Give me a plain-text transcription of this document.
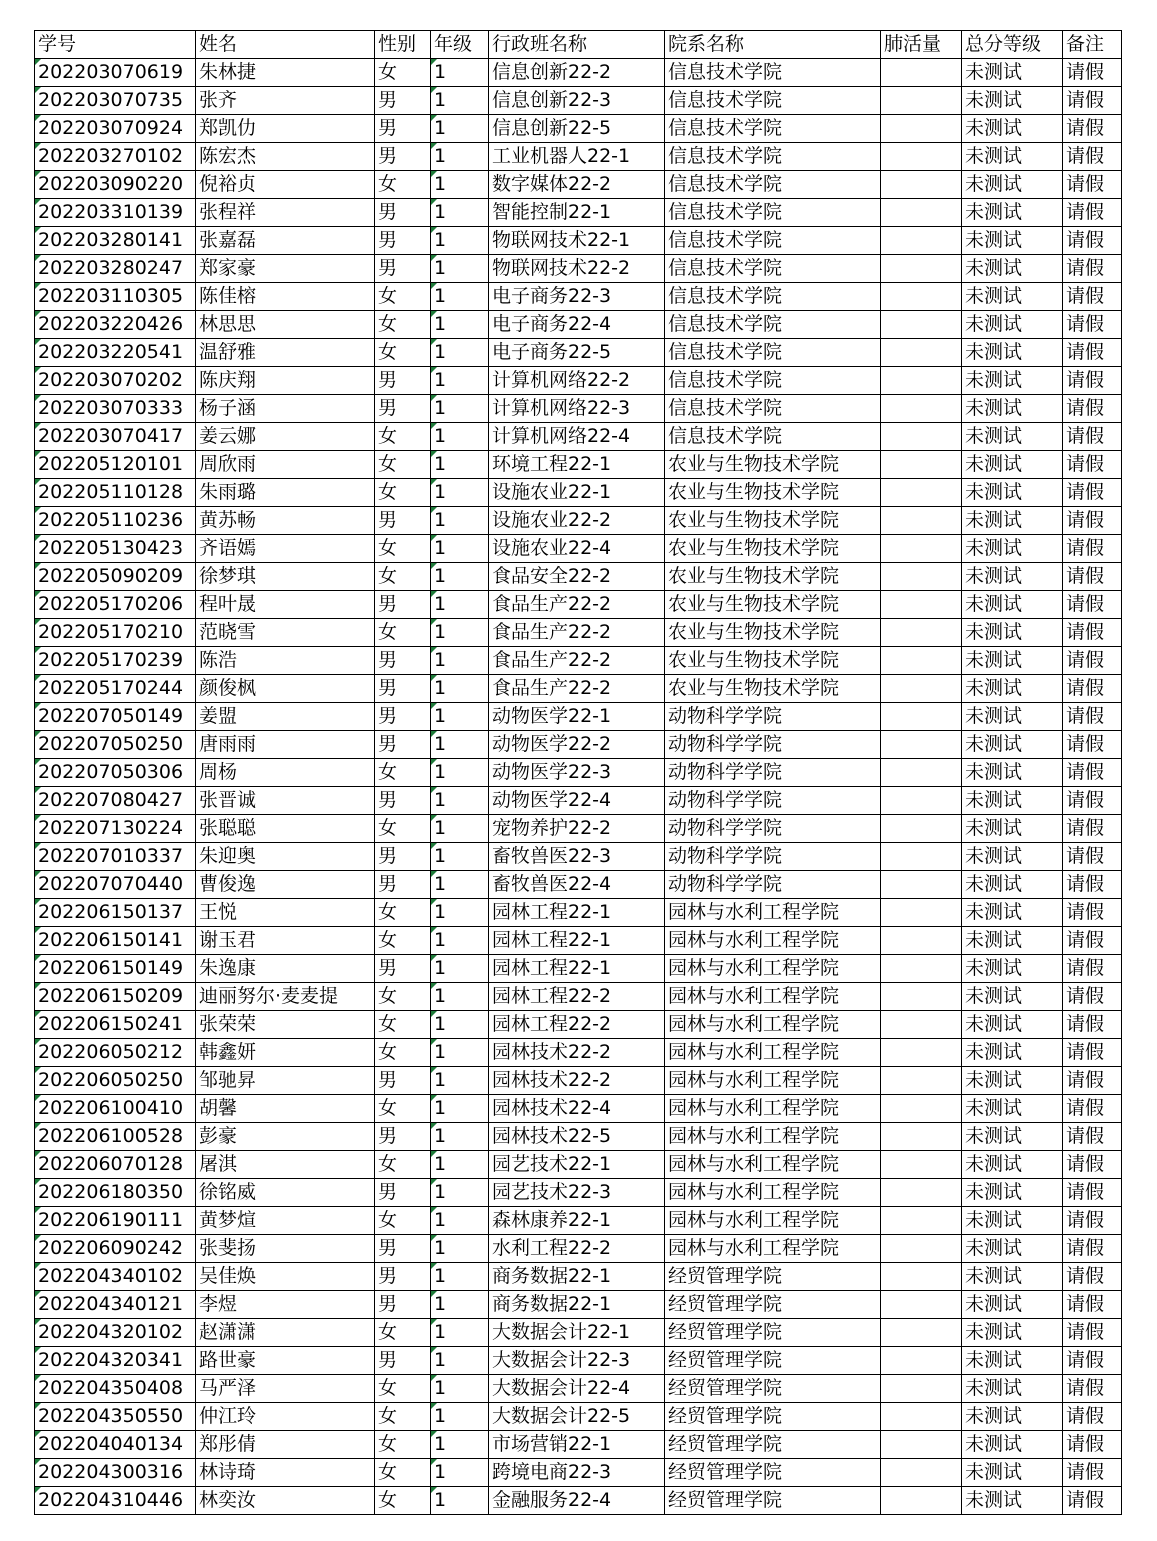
学号	姓名	性别	年级	行政班名称	院系名称	肺活量	总分等级	备注
202203070619	朱林捷	女	1	信息创新22-2	信息技术学院		未测试	请假
202203070735	张齐	男	1	信息创新22-3	信息技术学院		未测试	请假
202203070924	郑凯仂	男	1	信息创新22-5	信息技术学院		未测试	请假
202203270102	陈宏杰	男	1	工业机器人22-1	信息技术学院		未测试	请假
202203090220	倪裕贞	女	1	数字媒体22-2	信息技术学院		未测试	请假
202203310139	张程祥	男	1	智能控制22-1	信息技术学院		未测试	请假
202203280141	张嘉磊	男	1	物联网技术22-1	信息技术学院		未测试	请假
202203280247	郑家豪	男	1	物联网技术22-2	信息技术学院		未测试	请假
202203110305	陈佳榕	女	1	电子商务22-3	信息技术学院		未测试	请假
202203220426	林思思	女	1	电子商务22-4	信息技术学院		未测试	请假
202203220541	温舒雅	女	1	电子商务22-5	信息技术学院		未测试	请假
202203070202	陈庆翔	男	1	计算机网络22-2	信息技术学院		未测试	请假
202203070333	杨子涵	男	1	计算机网络22-3	信息技术学院		未测试	请假
202203070417	姜云娜	女	1	计算机网络22-4	信息技术学院		未测试	请假
202205120101	周欣雨	女	1	环境工程22-1	农业与生物技术学院		未测试	请假
202205110128	朱雨璐	女	1	设施农业22-1	农业与生物技术学院		未测试	请假
202205110236	黄苏畅	男	1	设施农业22-2	农业与生物技术学院		未测试	请假
202205130423	齐语嫣	女	1	设施农业22-4	农业与生物技术学院		未测试	请假
202205090209	徐梦琪	女	1	食品安全22-2	农业与生物技术学院		未测试	请假
202205170206	程叶晟	男	1	食品生产22-2	农业与生物技术学院		未测试	请假
202205170210	范晓雪	女	1	食品生产22-2	农业与生物技术学院		未测试	请假
202205170239	陈浩	男	1	食品生产22-2	农业与生物技术学院		未测试	请假
202205170244	颜俊枫	男	1	食品生产22-2	农业与生物技术学院		未测试	请假
202207050149	姜盟	男	1	动物医学22-1	动物科学学院		未测试	请假
202207050250	唐雨雨	男	1	动物医学22-2	动物科学学院		未测试	请假
202207050306	周杨	女	1	动物医学22-3	动物科学学院		未测试	请假
202207080427	张晋诚	男	1	动物医学22-4	动物科学学院		未测试	请假
202207130224	张聪聪	女	1	宠物养护22-2	动物科学学院		未测试	请假
202207010337	朱迎奥	男	1	畜牧兽医22-3	动物科学学院		未测试	请假
202207070440	曹俊逸	男	1	畜牧兽医22-4	动物科学学院		未测试	请假
202206150137	王悦	女	1	园林工程22-1	园林与水利工程学院		未测试	请假
202206150141	谢玉君	女	1	园林工程22-1	园林与水利工程学院		未测试	请假
202206150149	朱逸康	男	1	园林工程22-1	园林与水利工程学院		未测试	请假
202206150209	迪丽努尔·麦麦提	女	1	园林工程22-2	园林与水利工程学院		未测试	请假
202206150241	张荣荣	女	1	园林工程22-2	园林与水利工程学院		未测试	请假
202206050212	韩鑫妍	女	1	园林技术22-2	园林与水利工程学院		未测试	请假
202206050250	邹驰昇	男	1	园林技术22-2	园林与水利工程学院		未测试	请假
202206100410	胡馨	女	1	园林技术22-4	园林与水利工程学院		未测试	请假
202206100528	彭豪	男	1	园林技术22-5	园林与水利工程学院		未测试	请假
202206070128	屠淇	女	1	园艺技术22-1	园林与水利工程学院		未测试	请假
202206180350	徐铭威	男	1	园艺技术22-3	园林与水利工程学院		未测试	请假
202206190111	黄梦煊	女	1	森林康养22-1	园林与水利工程学院		未测试	请假
202206090242	张斐扬	男	1	水利工程22-2	园林与水利工程学院		未测试	请假
202204340102	吴佳焕	男	1	商务数据22-1	经贸管理学院		未测试	请假
202204340121	李煜	男	1	商务数据22-1	经贸管理学院		未测试	请假
202204320102	赵潇潇	女	1	大数据会计22-1	经贸管理学院		未测试	请假
202204320341	路世豪	男	1	大数据会计22-3	经贸管理学院		未测试	请假
202204350408	马严泽	女	1	大数据会计22-4	经贸管理学院		未测试	请假
202204350550	仲江玲	女	1	大数据会计22-5	经贸管理学院		未测试	请假
202204040134	郑彤倩	女	1	市场营销22-1	经贸管理学院		未测试	请假
202204300316	林诗琦	女	1	跨境电商22-3	经贸管理学院		未测试	请假
202204310446	林奕汝	女	1	金融服务22-4	经贸管理学院		未测试	请假
